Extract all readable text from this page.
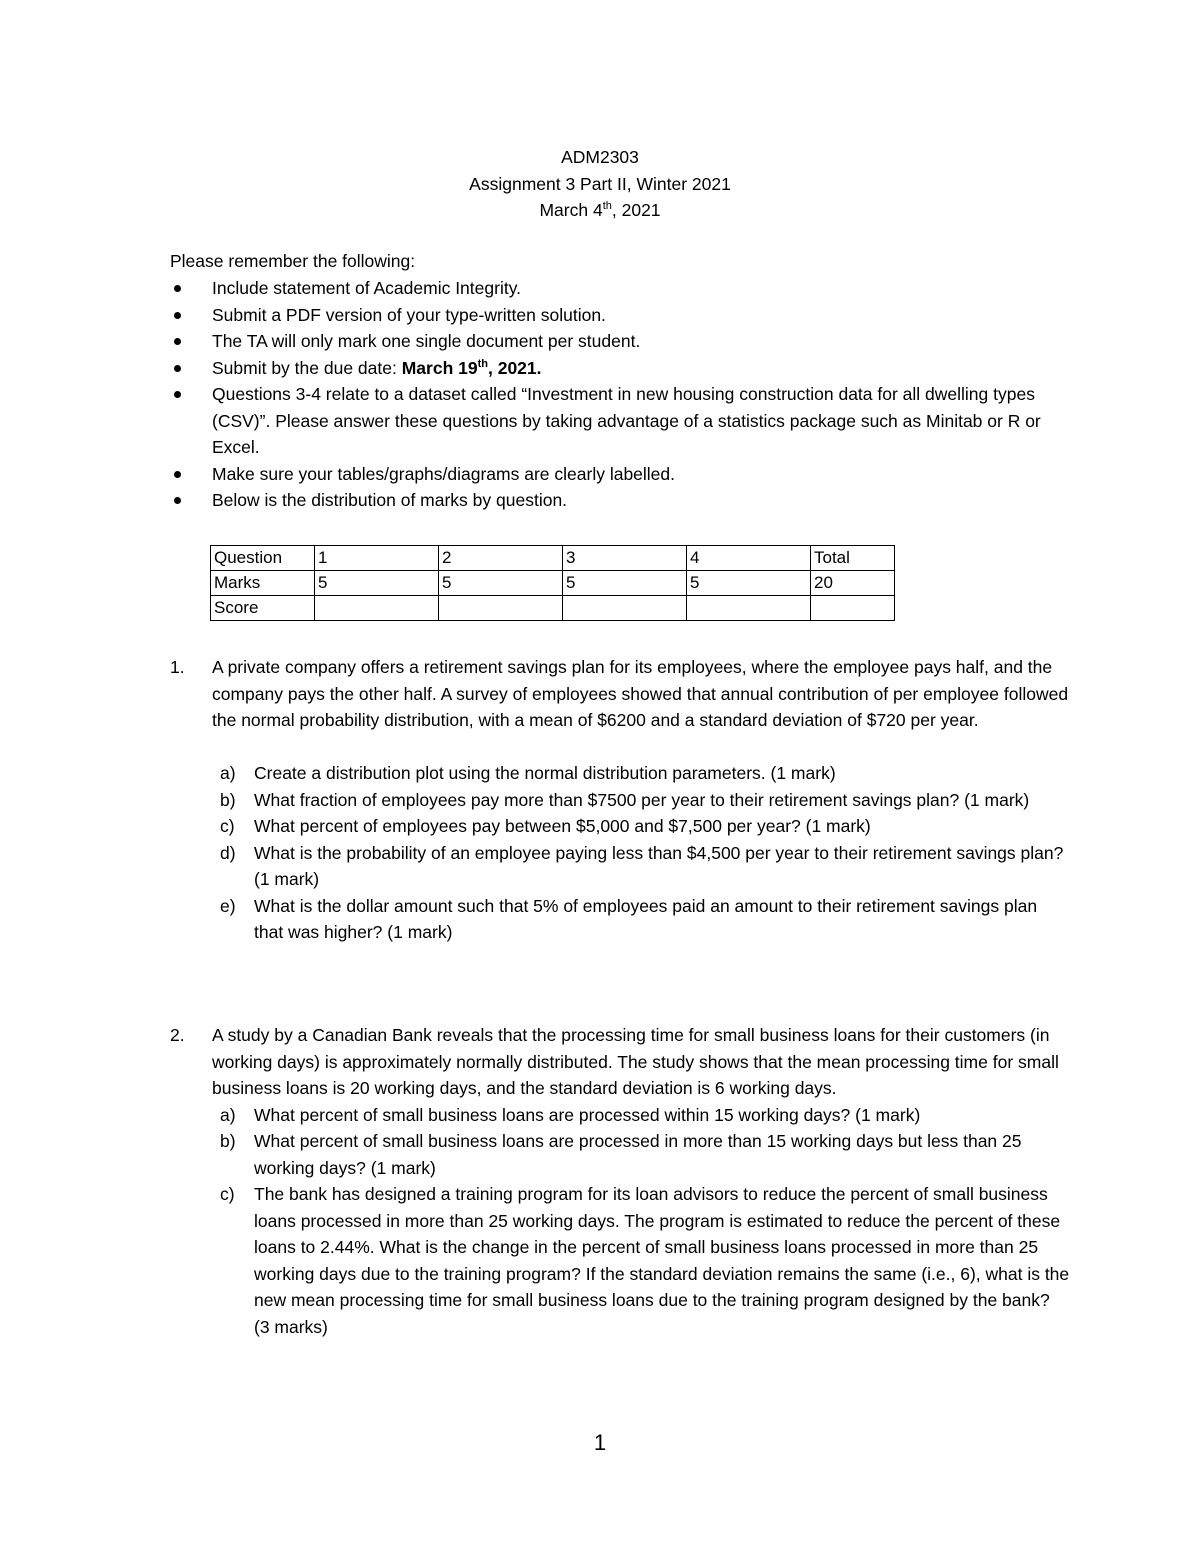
ADM2303
Assignment 3 Part II, Winter 2021
March 4th, 2021
Please remember the following:
Include statement of Academic Integrity.
Submit a PDF version of your type-written solution.
The TA will only mark one single document per student.
Submit by the due date: March 19th, 2021.
Questions 3-4 relate to a dataset called “Investment in new housing construction data for all dwelling types (CSV)”. Please answer these questions by taking advantage of a statistics package such as Minitab or R or Excel.
Make sure your tables/graphs/diagrams are clearly labelled.
Below is the distribution of marks by question.
Question	1	2	3	4	Total
Marks	5	5	5	5	20
Score					
1. A private company offers a retirement savings plan for its employees, where the employee pays half, and the company pays the other half. A survey of employees showed that annual contribution of per employee followed the normal probability distribution, with a mean of $6200 and a standard deviation of $720 per year.
a) Create a distribution plot using the normal distribution parameters. (1 mark)
b) What fraction of employees pay more than $7500 per year to their retirement savings plan? (1 mark)
c) What percent of employees pay between $5,000 and $7,500 per year? (1 mark)
d) What is the probability of an employee paying less than $4,500 per year to their retirement savings plan? (1 mark)
e) What is the dollar amount such that 5% of employees paid an amount to their retirement savings plan that was higher? (1 mark)
2. A study by a Canadian Bank reveals that the processing time for small business loans for their customers (in working days) is approximately normally distributed. The study shows that the mean processing time for small business loans is 20 working days, and the standard deviation is 6 working days.
a) What percent of small business loans are processed within 15 working days? (1 mark)
b) What percent of small business loans are processed in more than 15 working days but less than 25 working days? (1 mark)
c) The bank has designed a training program for its loan advisors to reduce the percent of small business loans processed in more than 25 working days. The program is estimated to reduce the percent of these loans to 2.44%. What is the change in the percent of small business loans processed in more than 25 working days due to the training program? If the standard deviation remains the same (i.e., 6), what is the new mean processing time for small business loans due to the training program designed by the bank? (3 marks)
1
